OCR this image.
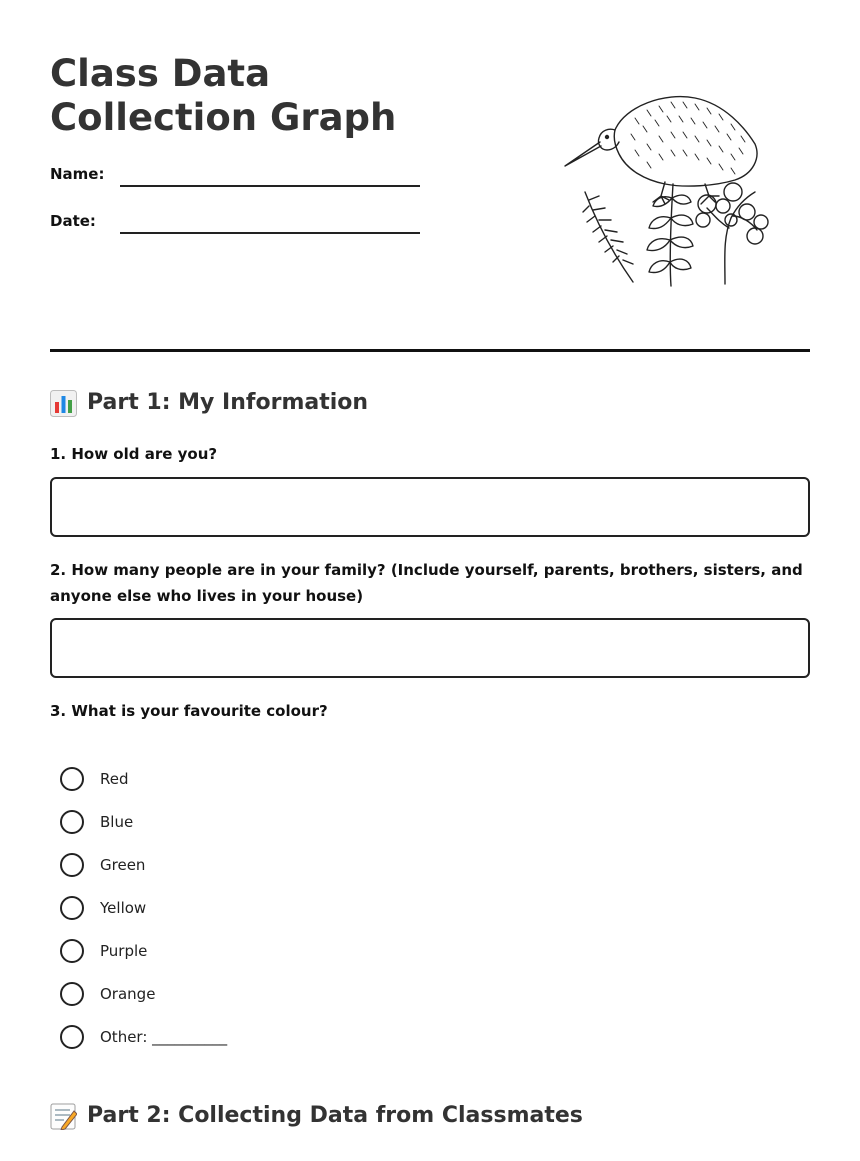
Class Data Collection Graph
Name:
Date:
Part 1: My Information

1. How old are you?

2. How many people are in your family? (Include yourself, parents, brothers, sisters, and anyone else who lives in your house)

3. What is your favourite colour?

Red
Blue
Green
Yellow
Purple
Orange
Other: __________
Part 2: Collecting Data from Classmates
